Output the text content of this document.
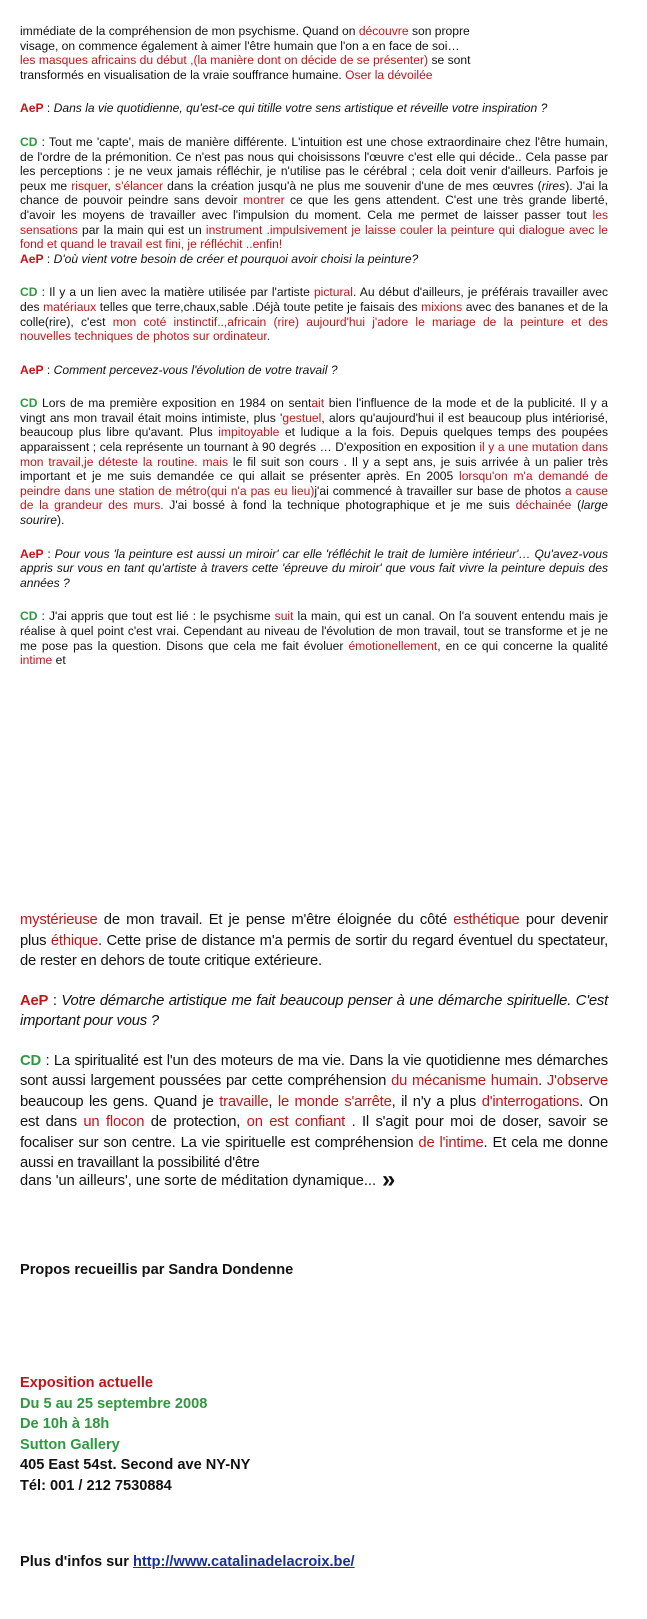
immédiate de la compréhension de mon psychisme. Quand on découvre son propre
visage, on commence également à aimer l'être humain que l'on a en face de soi…
les masques africains du début ,(la manière dont on décide de se présenter) se sont
transformés en visualisation de la vraie souffrance humaine. Oser la dévoilée

AeP : Dans la vie quotidienne, qu'est-ce qui titille votre sens artistique et réveille votre inspiration ?

CD : Tout me 'capte', mais de manière différente. L'intuition est une chose extraordinaire chez l'être humain, de l'ordre de la prémonition. Ce n'est pas nous qui choisissons l'œuvre c'est elle qui décide.. Cela passe par les perceptions : je ne veux jamais réfléchir, je n'utilise pas le cérébral ; cela doit venir d'ailleurs. Parfois je peux me risquer, s'élancer dans la création jusqu'à ne plus me souvenir d'une de mes œuvres (rires). J'ai la chance de pouvoir peindre sans devoir montrer ce que les gens attendent. C'est une très grande liberté, d'avoir les moyens de travailler avec l'impulsion du moment. Cela me permet de laisser passer tout les sensations par la main qui est un instrument .impulsivement je laisse couler la peinture qui dialogue avec le fond et quand le travail est fini, je réfléchit ..enfin!

AeP : D'où vient votre besoin de créer et pourquoi avoir choisi la peinture?

CD : Il y a un lien avec la matière utilisée par l'artiste pictural. Au début d'ailleurs, je préférais travailler avec des matériaux telles que terre,chaux,sable .Déjà toute petite je faisais des mixions avec des bananes et de la colle(rire), c'est mon coté instinctif..,africain (rire) aujourd'hui j'adore le mariage de la peinture et des nouvelles techniques de photos sur ordinateur.

AeP : Comment percevez-vous l'évolution de votre travail ?

CD Lors de ma première exposition en 1984 on sentait bien l'influence de la mode et de la publicité. Il y a vingt ans mon travail était moins intimiste, plus 'gestuel, alors qu'aujourd'hui il est beaucoup plus intériorisé, beaucoup plus libre qu'avant. Plus impitoyable et ludique a la fois. Depuis quelques temps des poupées apparaissent ; cela représente un tournant à 90 degrés … D'exposition en exposition il y a une mutation dans mon travail,je déteste la routine. mais le fil suit son cours . Il y a sept ans, je suis arrivée à un palier très important et je me suis demandée ce qui allait se présenter après. En 2005 lorsqu'on m'a demandé de peindre dans une station de métro(qui n'a pas eu lieu)j'ai commencé à travailler sur base de photos a cause de la grandeur des murs. J'ai bossé à fond la technique photographique et je me suis déchainée (large sourire).

AeP : Pour vous 'la peinture est aussi un miroir' car elle 'réfléchit le trait de lumière intérieur'… Qu'avez-vous appris sur vous en tant qu'artiste à travers cette 'épreuve du miroir' que vous fait vivre la peinture depuis des années ?

CD : J'ai appris que tout est lié : le psychisme suit la main, qui est un canal. On l'a souvent entendu mais je réalise à quel point c'est vrai. Cependant au niveau de l'évolution de mon travail, tout se transforme et je ne me pose pas la question. Disons que cela me fait évoluer émotionellement, en ce qui concerne la qualité intime et

mystérieuse de mon travail. Et je pense m'être éloignée du côté esthétique pour devenir plus éthique. Cette prise de distance m'a permis de sortir du regard éventuel du spectateur, de rester en dehors de toute critique extérieure.

AeP : Votre démarche artistique me fait beaucoup penser à une démarche spirituelle. C'est important pour vous ?

CD : La spiritualité est l'un des moteurs de ma vie. Dans la vie quotidienne mes démarches sont aussi largement poussées par cette compréhension du mécanisme humain. J'observe beaucoup les gens. Quand je travaille, le monde s'arrête, il n'y a plus d'interrogations. On est dans un flocon de protection, on est confiant . Il s'agit pour moi de doser, savoir se focaliser sur son centre. La vie spirituelle est compréhension de l'intime. Et cela me donne aussi en travaillant la possibilité d'être

dans 'un ailleurs', une sorte de méditation dynamique... »
Propos recueillis par Sandra Dondenne
Exposition actuelle
Du 5 au 25 septembre 2008
De 10h à 18h
Sutton Gallery
405 East 54st. Second ave NY-NY
Tél: 001 / 212 7530884
Plus d'infos sur http://www.catalinadelacroix.be/
